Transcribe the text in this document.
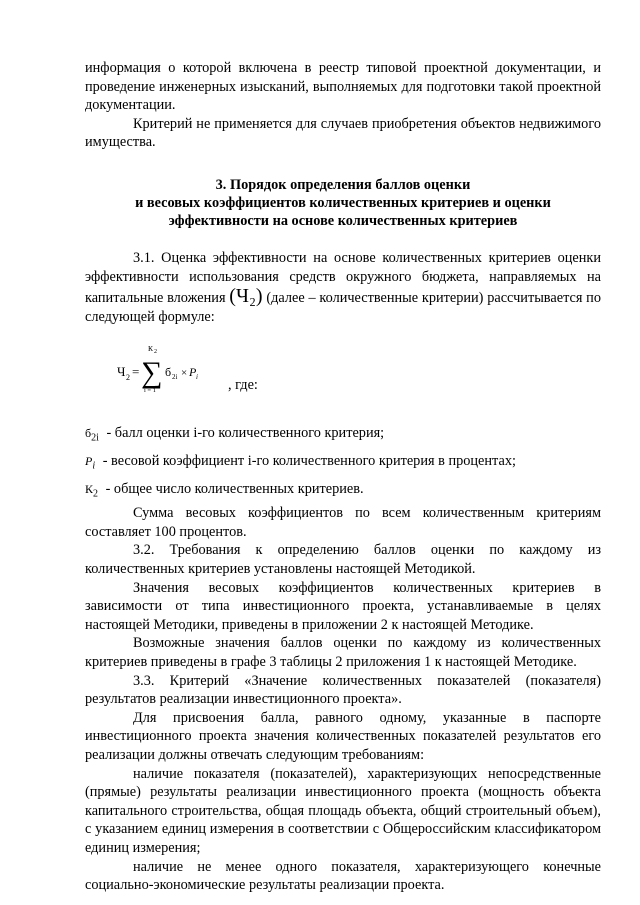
информация о которой включена в реестр типовой проектной документации, и проведение инженерных изысканий, выполняемых для подготовки такой проектной документации.

Критерий не применяется для случаев приобретения объектов недвижимого имущества.

3. Порядок определения баллов оценки
и весовых коэффициентов количественных критериев и оценки
эффективности на основе количественных критериев

3.1. Оценка эффективности на основе количественных критериев оценки эффективности использования средств окружного бюджета, направляемых на капитальные вложения (Ч₂) (далее – количественные критерии) рассчитывается по следующей формуле:

Ч 2 =
К 2
∑
i = 1
б 2i × P i , где:

$б_{2i}$ - балл оценки i-го количественного критерия;

$P_i$ - весовой коэффициент i-го количественного критерия в процентах;

$К_2$ - общее число количественных критериев.

Сумма весовых коэффициентов по всем количественным критериям составляет 100 процентов.

3.2. Требования к определению баллов оценки по каждому из количественных критериев установлены настоящей Методикой.

Значения весовых коэффициентов количественных критериев в зависимости от типа инвестиционного проекта, устанавливаемые в целях настоящей Методики, приведены в приложении 2 к настоящей Методике.

Возможные значения баллов оценки по каждому из количественных критериев приведены в графе 3 таблицы 2 приложения 1 к настоящей Методике.

3.3. Критерий «Значение количественных показателей (показателя) результатов реализации инвестиционного проекта».

Для присвоения балла, равного одному, указанные в паспорте инвестиционного проекта значения количественных показателей результатов его реализации должны отвечать следующим требованиям:

наличие показателя (показателей), характеризующих непосредственные (прямые) результаты реализации инвестиционного проекта (мощность объекта капитального строительства, общая площадь объекта, общий строительный объем), с указанием единиц измерения в соответствии с Общероссийским классификатором единиц измерения;

наличие не менее одного показателя, характеризующего конечные социально-экономические результаты реализации проекта.
